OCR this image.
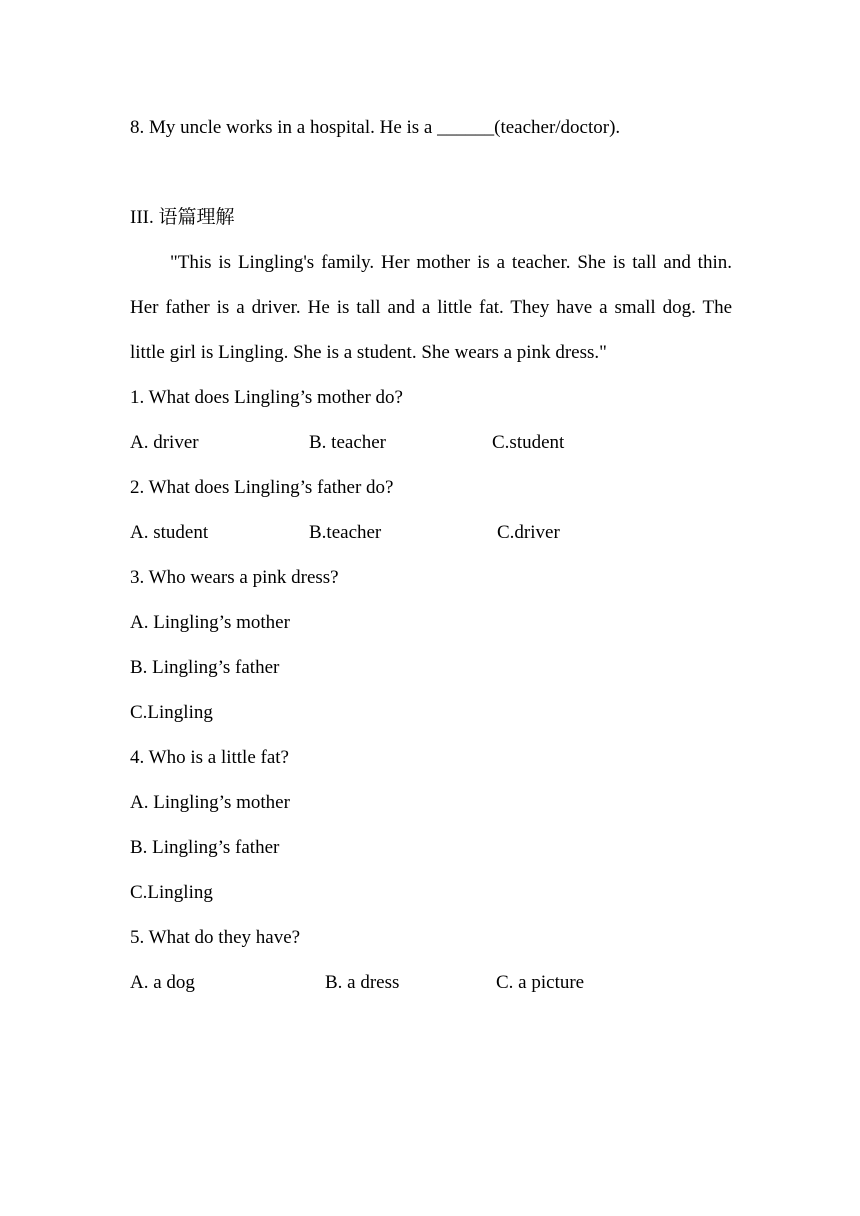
8. My uncle works in a hospital. He is a ______(teacher/doctor).
III. 语篇理解
"This is Lingling's family. Her mother is a teacher. She is tall and thin. Her father is a driver. He is tall and a little fat. They have a small dog. The little girl is Lingling. She is a student. She wears a pink dress."
1. What does Lingling’s mother do?
A. driver	B. teacher	C.student
2. What does Lingling’s father do?
A. student	B.teacher	C.driver
3. Who wears a pink dress?
A. Lingling’s mother
B. Lingling’s father
C.Lingling
4. Who is a little fat?
A. Lingling’s mother
B. Lingling’s father
C.Lingling
5. What do they have?
A. a dog	B. a dress	C. a picture
